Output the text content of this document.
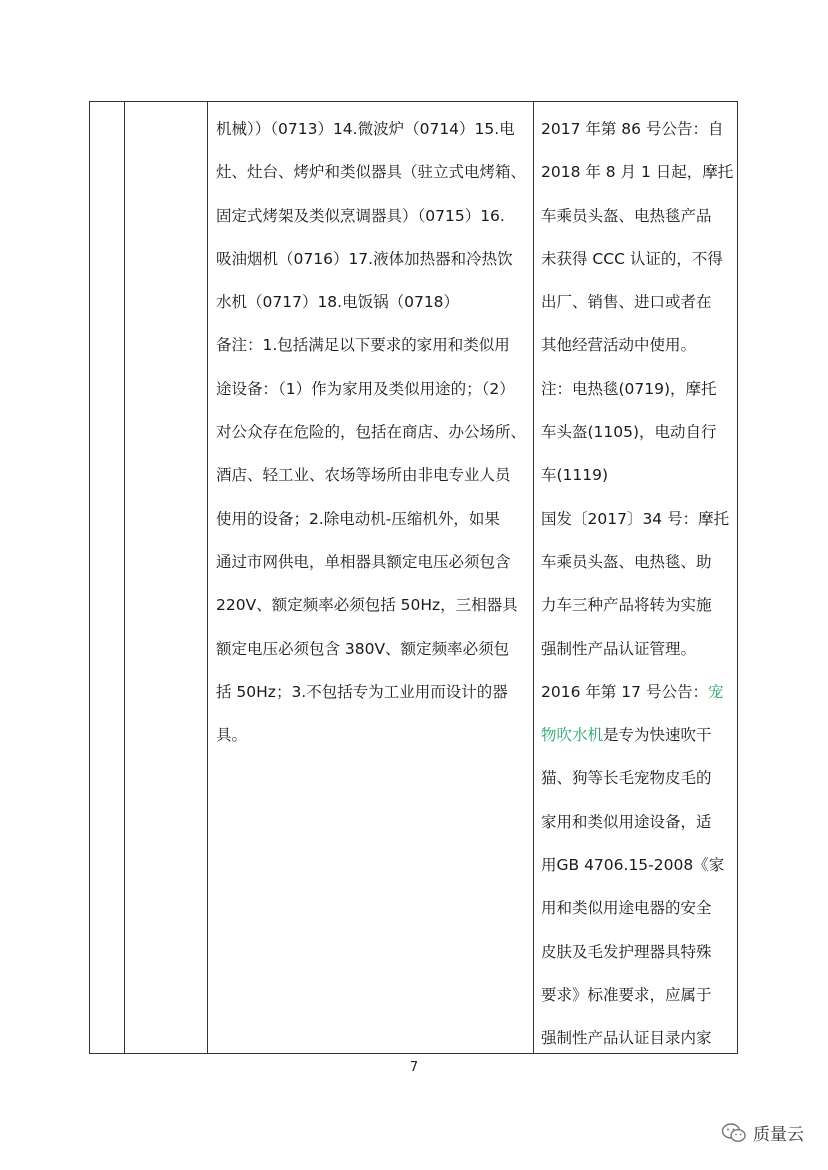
机械））（0713）14.微波炉（0714）15.电
灶、灶台、烤炉和类似器具（驻立式电烤箱、
固定式烤架及类似烹调器具）（0715）16.
吸油烟机（0716）17.液体加热器和冷热饮
水机（0717）18.电饭锅（0718）
备注：1.包括满足以下要求的家用和类似用
途设备：（1）作为家用及类似用途的；（2）
对公众存在危险的，包括在商店、办公场所、
酒店、轻工业、农场等场所由非电专业人员
使用的设备；2.除电动机-压缩机外，如果
通过市网供电，单相器具额定电压必须包含
220V、额定频率必须包括 50Hz，三相器具
额定电压必须包含 380V、额定频率必须包
括 50Hz；3.不包括专为工业用而设计的器
具。
2017 年第 86 号公告：自
2018 年 8 月 1 日起，摩托
车乘员头盔、电热毯产品
未获得 CCC 认证的，不得
出厂、销售、进口或者在
其他经营活动中使用。
注：电热毯(0719)，摩托
车头盔(1105)，电动自行
车(1119)
国发〔2017〕34 号：摩托
车乘员头盔、电热毯、助
力车三种产品将转为实施
强制性产品认证管理。
2016 年第 17 号公告：宠
物吹水机是专为快速吹干
猫、狗等长毛宠物皮毛的
家用和类似用途设备，适
用GB 4706.15-2008《家
用和类似用途电器的安全
皮肤及毛发护理器具特殊
要求》标准要求，应属于
强制性产品认证目录内家
7
质量云
